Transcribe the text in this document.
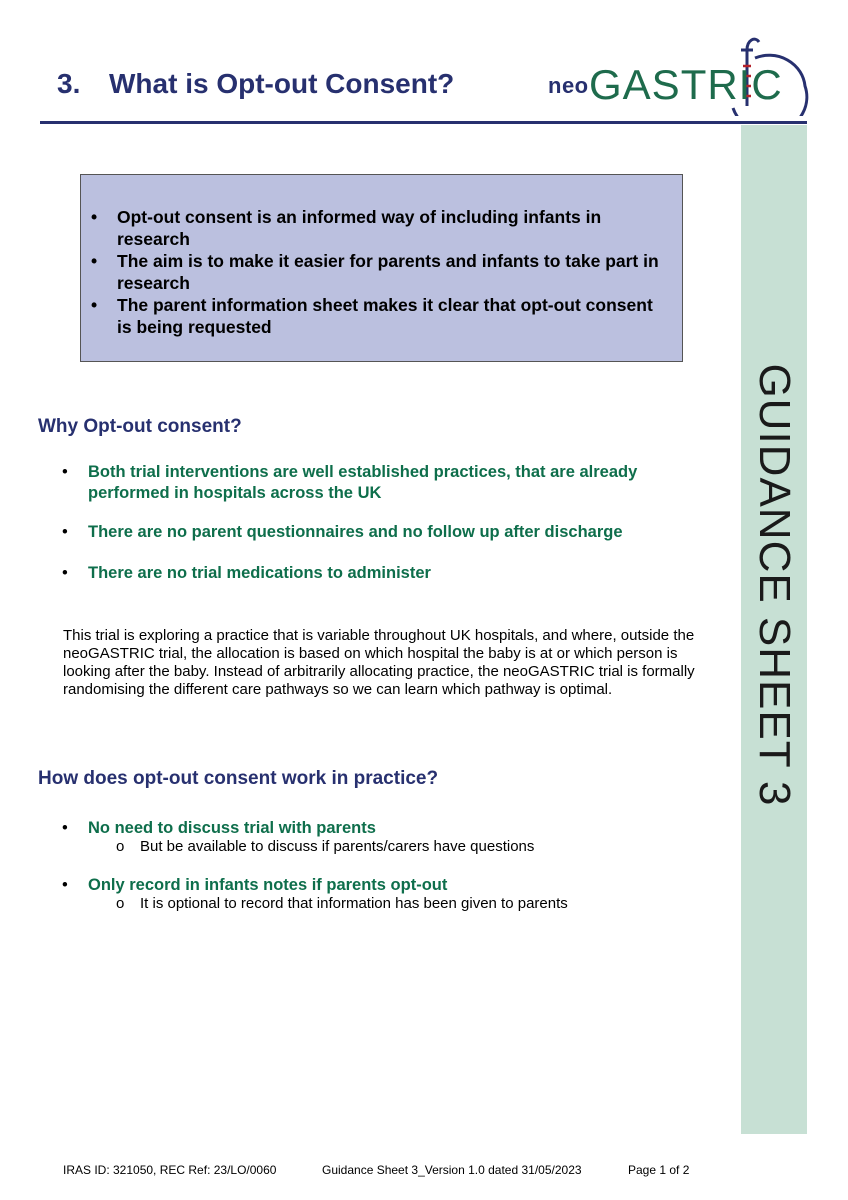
3. What is Opt-out Consent?	neo GASTRIC
GUIDANCE SHEET 3
• Opt-out consent is an informed way of including infants in research
• The aim is to make it easier for parents and infants to take part in research
• The parent information sheet makes it clear that opt-out consent is being requested
Why Opt-out consent?
• Both trial interventions are well established practices, that are already performed in hospitals across the UK
• There are no parent questionnaires and no follow up after discharge
• There are no trial medications to administer

This trial is exploring a practice that is variable throughout UK hospitals, and where, outside the neoGASTRIC trial, the allocation is based on which hospital the baby is at or which person is looking after the baby. Instead of arbitrarily allocating practice, the neoGASTRIC trial is formally randomising the different care pathways so we can learn which pathway is optimal.

How does opt-out consent work in practice?
• No need to discuss trial with parents
o But be available to discuss if parents/carers have questions
• Only record in infants notes if parents opt-out
o It is optional to record that information has been given to parents
IRAS ID: 321050, REC Ref: 23/LO/0060	Guidance Sheet 3_Version 1.0 dated 31/05/2023	Page 1 of 2
